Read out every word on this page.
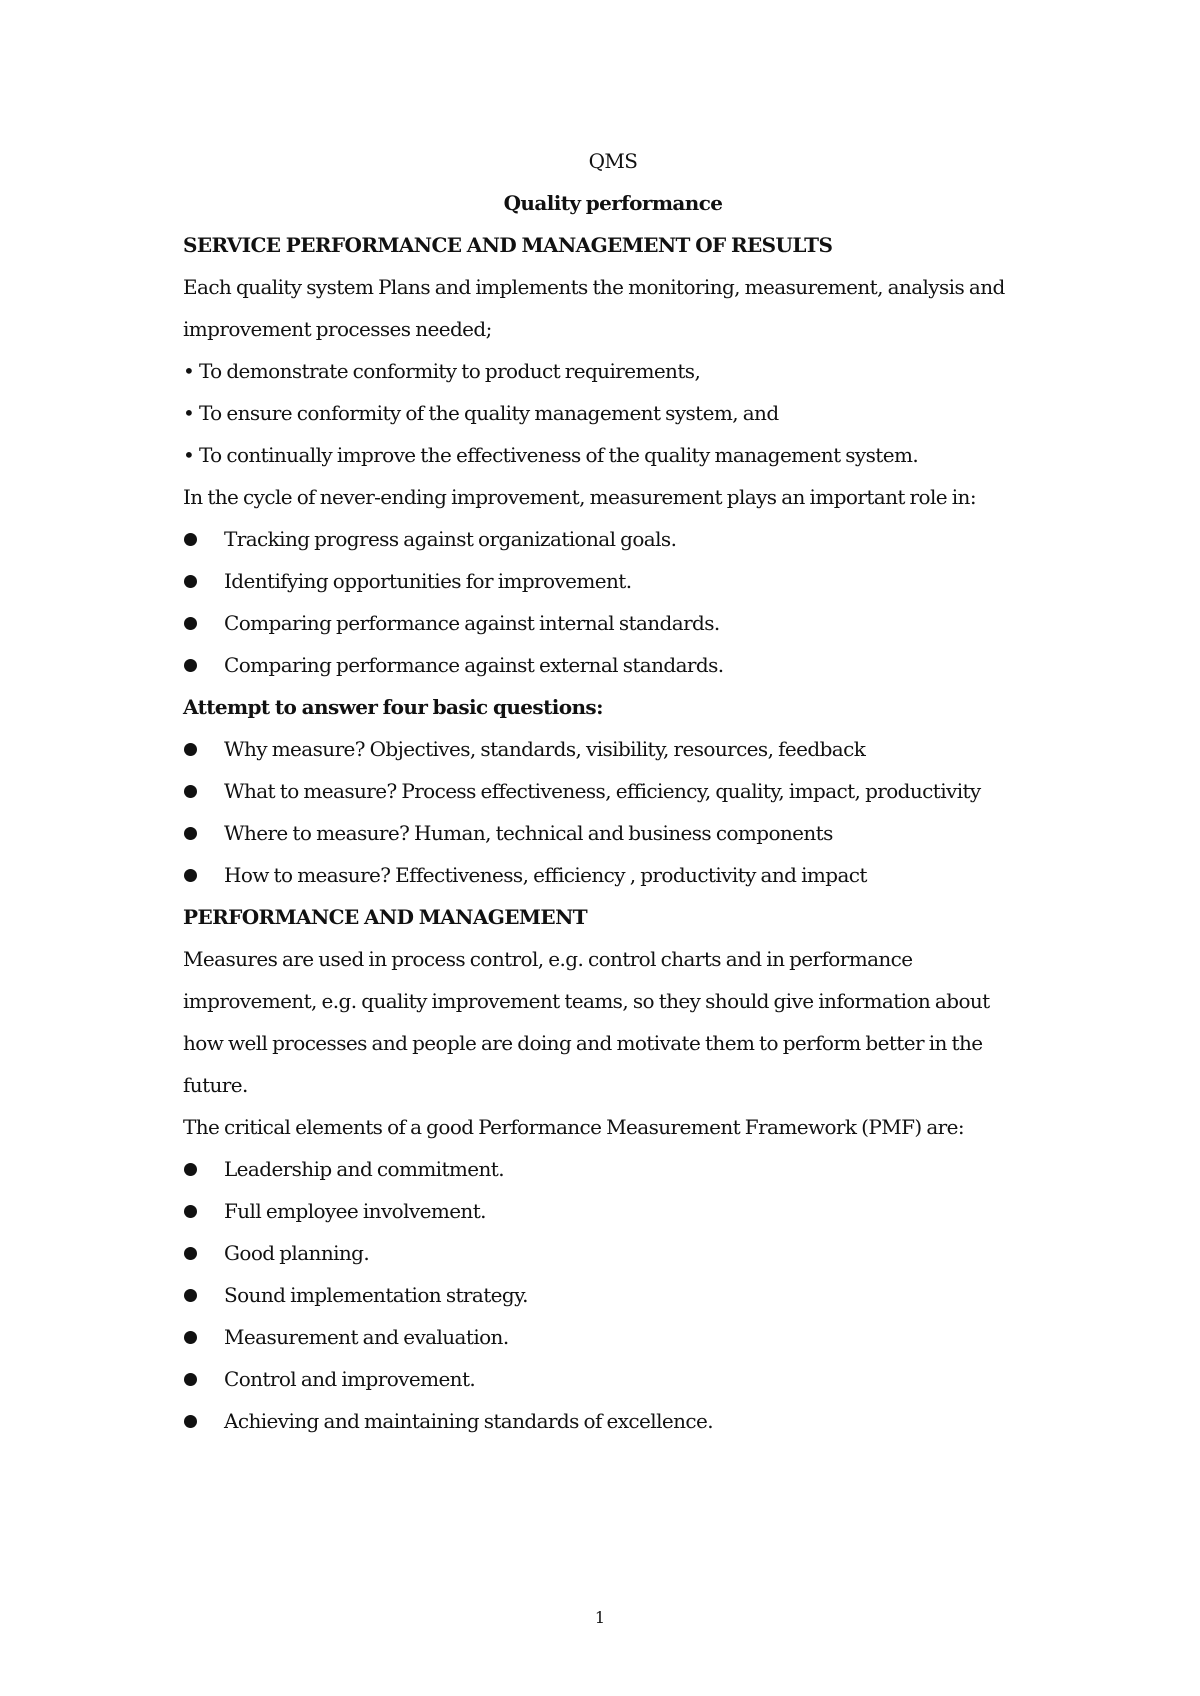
QMS

Quality performance

SERVICE PERFORMANCE AND MANAGEMENT OF RESULTS

Each quality system Plans and implements the monitoring, measurement, analysis and

improvement processes needed;

• To demonstrate conformity to product requirements,

• To ensure conformity of the quality management system, and

• To continually improve the effectiveness of the quality management system.

In the cycle of never-ending improvement, measurement plays an important role in:

Tracking progress against organizational goals.

Identifying opportunities for improvement.

Comparing performance against internal standards.

Comparing performance against external standards.

Attempt to answer four basic questions:

Why measure? Objectives, standards, visibility, resources, feedback

What to measure? Process effectiveness, efficiency, quality, impact, productivity

Where to measure? Human, technical and business components

How to measure? Effectiveness, efficiency , productivity and impact

PERFORMANCE AND MANAGEMENT

Measures are used in process control, e.g. control charts and in performance

improvement, e.g. quality improvement teams, so they should give information about

how well processes and people are doing and motivate them to perform better in the

future.

The critical elements of a good Performance Measurement Framework (PMF) are:

Leadership and commitment.

Full employee involvement.

Good planning.

Sound implementation strategy.

Measurement and evaluation.

Control and improvement.

Achieving and maintaining standards of excellence.

1
